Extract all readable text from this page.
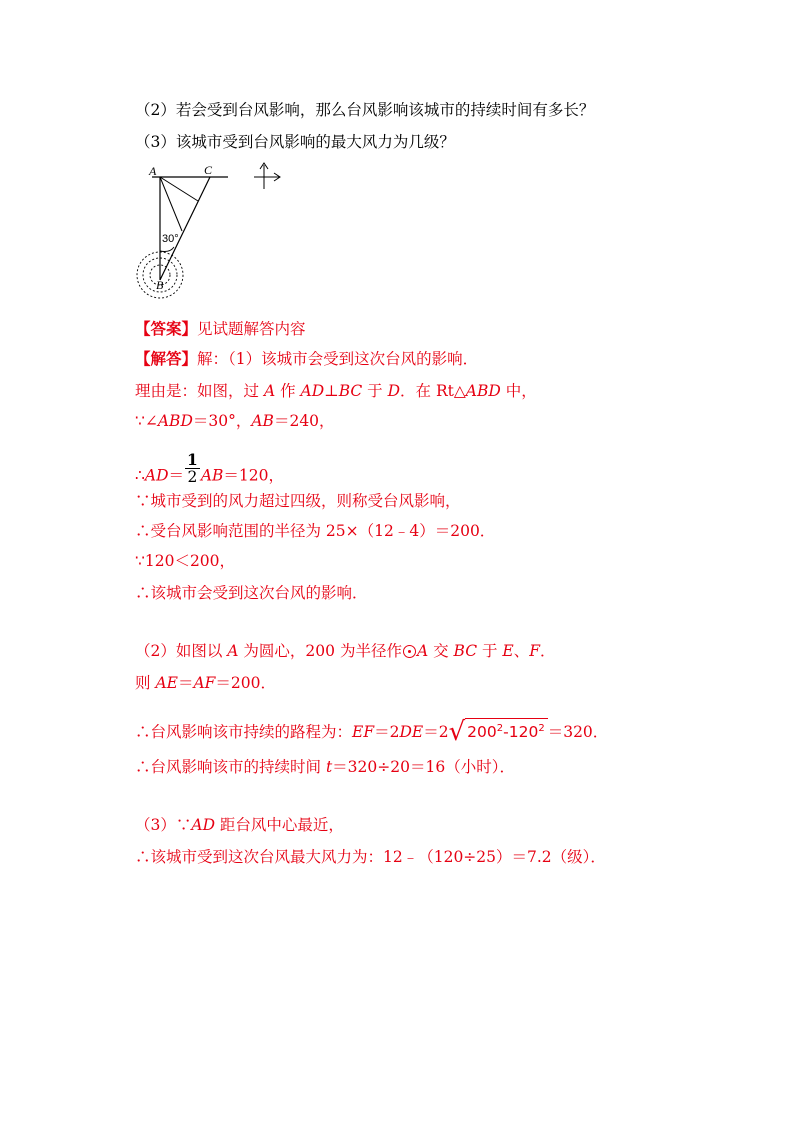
（2）若会受到台风影响，那么台风影响该城市的持续时间有多长？
（3）该城市受到台风影响的最大风力为几级？
A	C
B
30°
【答案】见试题解答内容
【解答】解：（1）该城市会受到这次台风的影响．
理由是：如图，过 A 作 AD⊥BC 于 D．在 Rt△ABD 中，
∵∠ABD＝30°，AB＝240，
∴AD＝ $\frac{1}{2} AB=120$，
∵城市受到的风力超过四级，则称受台风影响，
∴受台风影响范围的半径为 25×（12﹣4）＝200．
∵120＜200，
∴该城市会受到这次台风的影响．
（2）如图以 A 为圆心，200 为半径作 A 交 BC 于 E、F．
则 AE＝AF＝200．
∴台风影响该市持续的路程为：EF＝2DE＝2√ $200^2-120^2 =320$．
∴台风影响该市的持续时间 t＝320÷20＝16（小时）．
（3）∵AD 距台风中心最近，
∴该城市受到这次台风最大风力为：12﹣（120÷25）＝7.2（级）．
